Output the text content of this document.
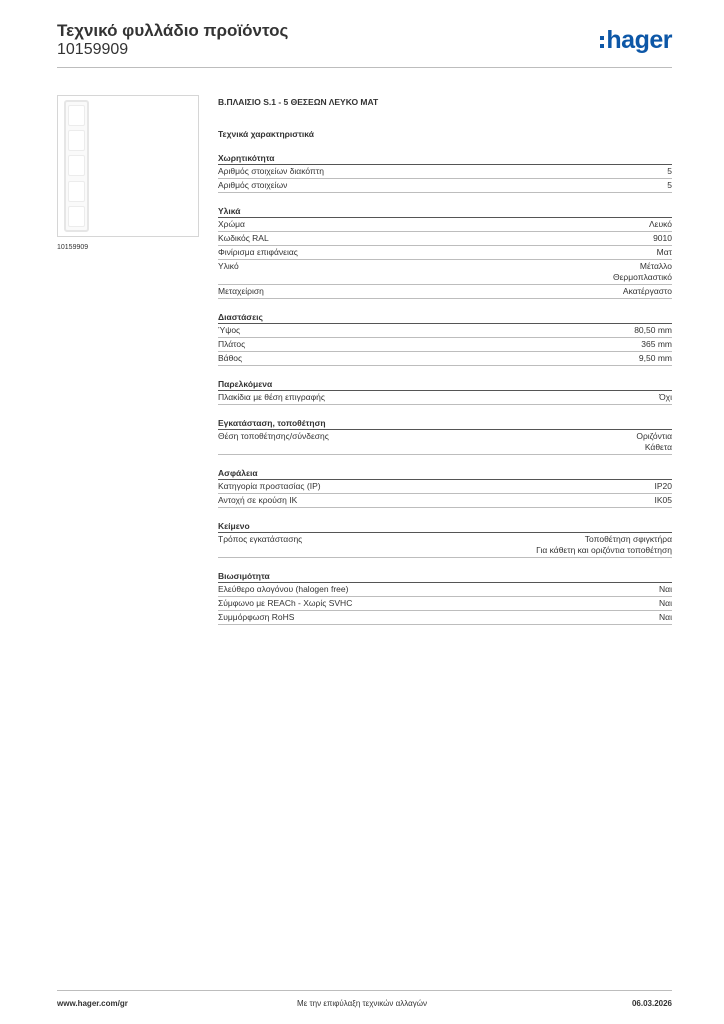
Τεχνικό φυλλάδιο προϊόντος
10159909	hager
10159909
Β.ΠΛΑΙΣΙΟ S.1 - 5 ΘΕΣΕΩΝ ΛΕΥΚΟ ΜΑΤ
Τεχνικά χαρακτηριστικά
Χωρητικότητα
Αριθμός στοιχείων διακόπτη	5
Αριθμός στοιχείων	5
Υλικά
Χρώμα	Λευκό
Κωδικός RAL	9010
Φινίρισμα επιφάνειας	Ματ
Υλικό	Μέταλλο
Θερμοπλαστικό
Μεταχείριση	Ακατέργαστο
Διαστάσεις
Ύψος	80,50 mm
Πλάτος	365 mm
Βάθος	9,50 mm
Παρελκόμενα
Πλακίδια με θέση επιγραφής	Όχι
Εγκατάσταση, τοποθέτηση
Θέση τοποθέτησης/σύνδεσης	Οριζόντια
Κάθετα
Ασφάλεια
Κατηγορία προστασίας (IP)	IP20
Αντοχή σε κρούση IK	IK05
Κείμενο
Τρόπος εγκατάστασης	Τοποθέτηση σφιγκτήρα
Για κάθετη και οριζόντια τοποθέτηση
Βιωσιμότητα
Ελεύθερο αλογόνου (halogen free)	Ναι
Σύμφωνο με REACh - Χωρίς SVHC	Ναι
Συμμόρφωση RoHS	Ναι
www.hager.com/gr	Με την επιφύλαξη τεχνικών αλλαγών	06.03.2026
